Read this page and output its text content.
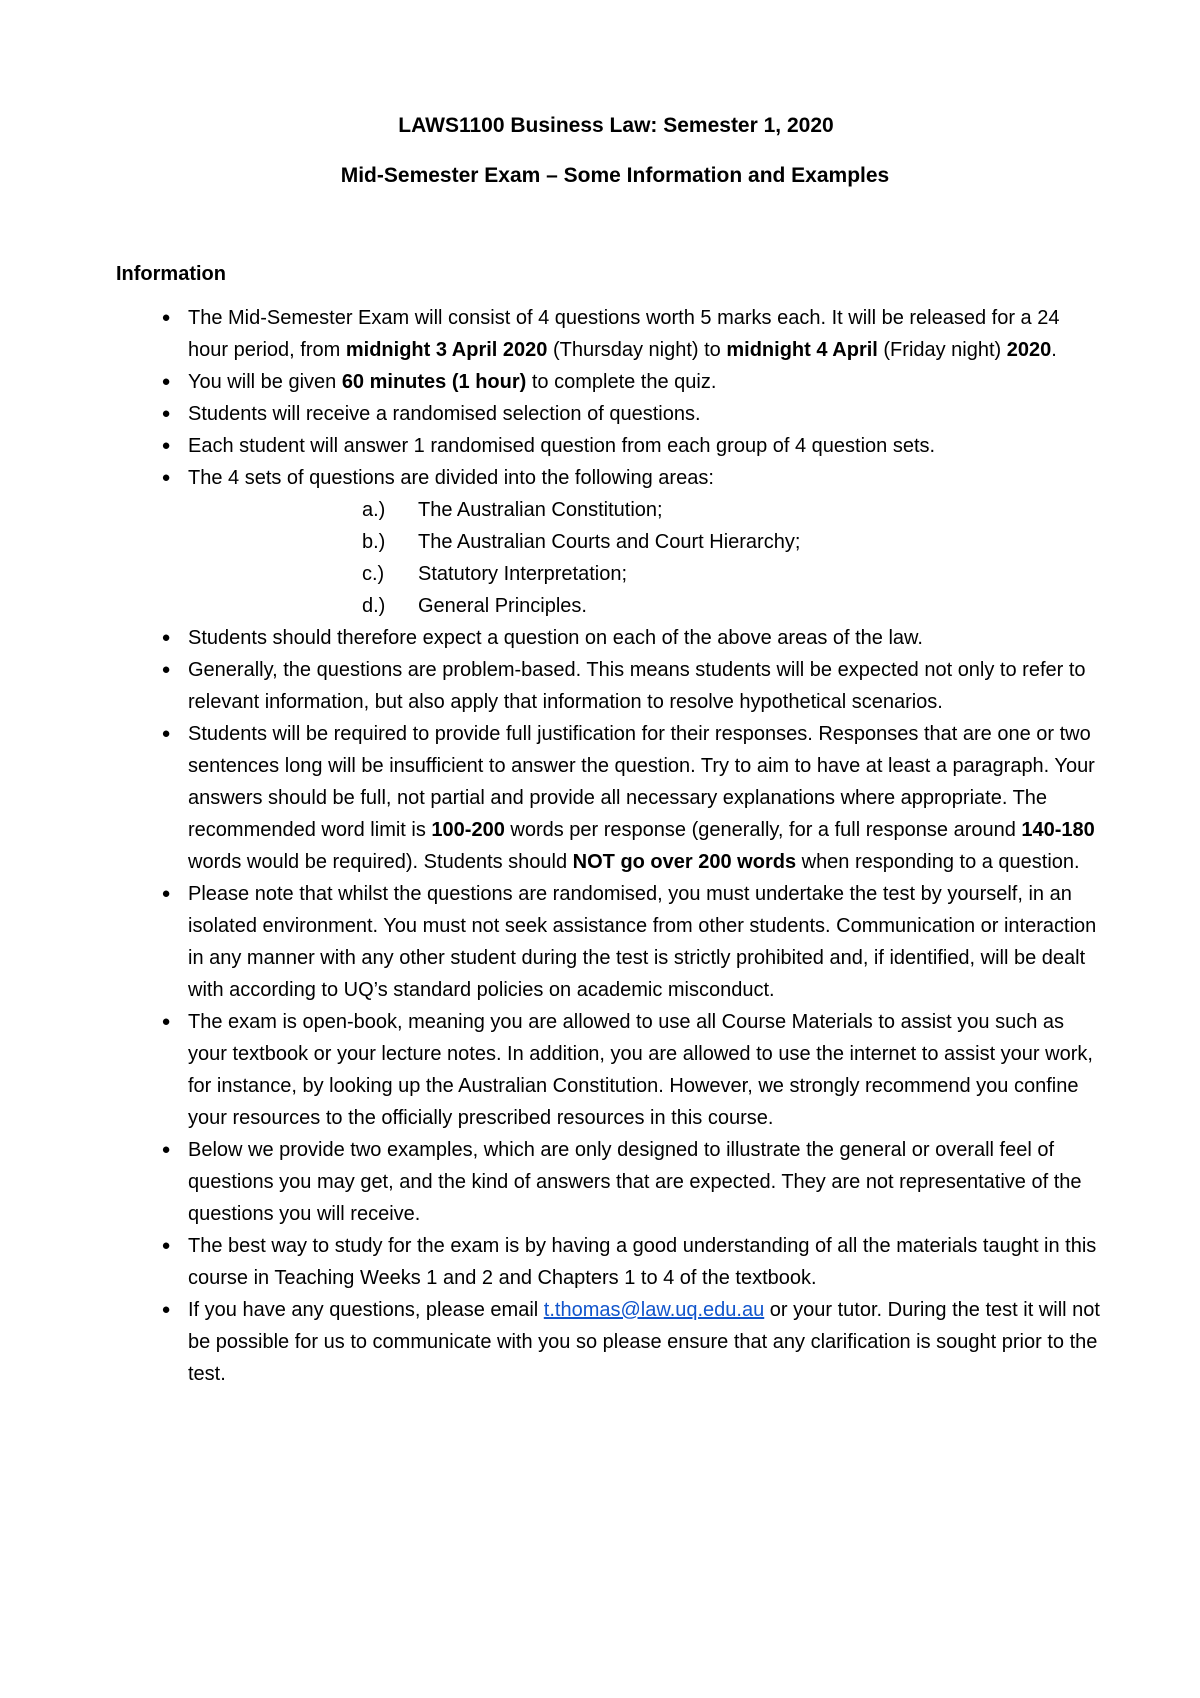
LAWS1100 Business Law: Semester 1, 2020

Mid-Semester Exam – Some Information and Examples

Information

● The Mid-Semester Exam will consist of 4 questions worth 5 marks each. It will be released for a 24 hour period, from midnight 3 April 2020 (Thursday night) to midnight 4 April (Friday night) 2020.
● You will be given 60 minutes (1 hour) to complete the quiz.
● Students will receive a randomised selection of questions.
● Each student will answer 1 randomised question from each group of 4 question sets.
● The 4 sets of questions are divided into the following areas:
a.) The Australian Constitution;
b.) The Australian Courts and Court Hierarchy;
c.) Statutory Interpretation;
d.) General Principles.
● Students should therefore expect a question on each of the above areas of the law.
● Generally, the questions are problem-based. This means students will be expected not only to refer to relevant information, but also apply that information to resolve hypothetical scenarios.
● Students will be required to provide full justification for their responses. Responses that are one or two sentences long will be insufficient to answer the question. Try to aim to have at least a paragraph. Your answers should be full, not partial and provide all necessary explanations where appropriate. The recommended word limit is 100-200 words per response (generally, for a full response around 140-180 words would be required). Students should NOT go over 200 words when responding to a question.
● Please note that whilst the questions are randomised, you must undertake the test by yourself, in an isolated environment. You must not seek assistance from other students. Communication or interaction in any manner with any other student during the test is strictly prohibited and, if identified, will be dealt with according to UQ’s standard policies on academic misconduct.
● The exam is open-book, meaning you are allowed to use all Course Materials to assist you such as your textbook or your lecture notes. In addition, you are allowed to use the internet to assist your work, for instance, by looking up the Australian Constitution. However, we strongly recommend you confine your resources to the officially prescribed resources in this course.
● Below we provide two examples, which are only designed to illustrate the general or overall feel of questions you may get, and the kind of answers that are expected. They are not representative of the questions you will receive.
● The best way to study for the exam is by having a good understanding of all the materials taught in this course in Teaching Weeks 1 and 2 and Chapters 1 to 4 of the textbook.
● If you have any questions, please email t.thomas@law.uq.edu.au or your tutor. During the test it will not be possible for us to communicate with you so please ensure that any clarification is sought prior to the test.
